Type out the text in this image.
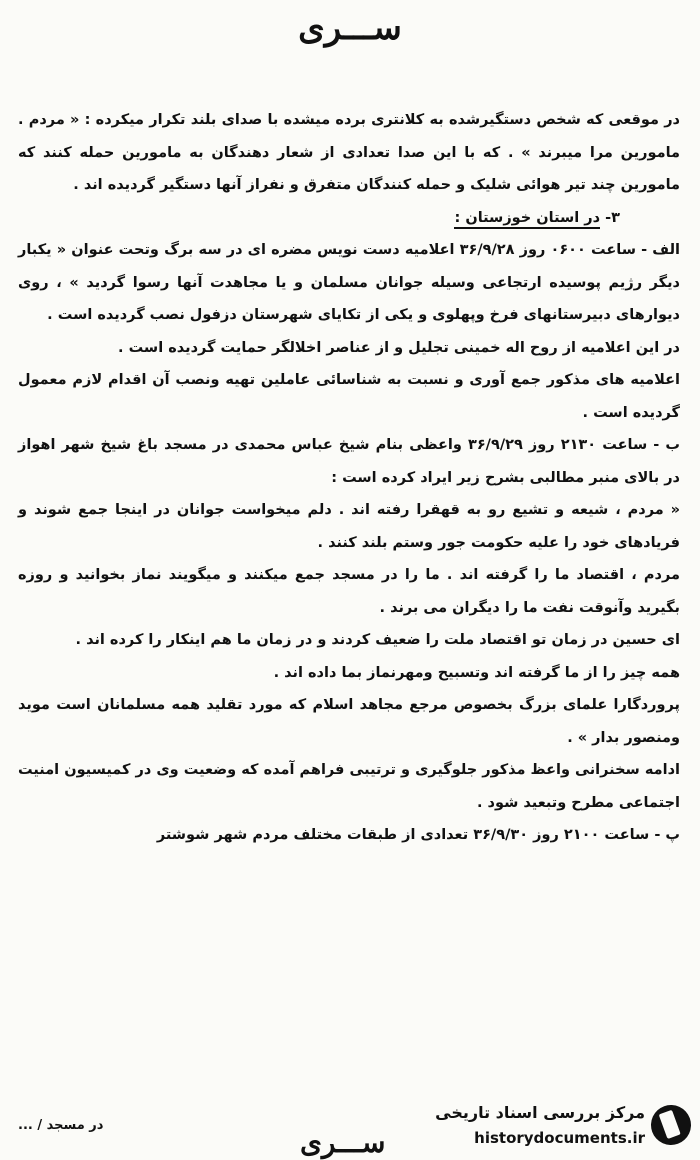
ســـرى

در موقعی که شخص دستگیرشده به کلانتری برده میشده با صدای بلند تکرار میکرده : « مردم . مامورین مرا میبرند » . که با این صدا تعدادی از شعار دهندگان به مامورین حمله کنند که مامورین چند تیر هوائی شلیک و حمله کنندگان متفرق و نفراز آنها دستگیر گردیده اند .

۳- در استان خوزستان :

الف - ساعت ۰۶۰۰ روز ۳۶/۹/۲۸ اعلامیه دست نویس مضره ای در سه برگ وتحت عنوان « یکبار دیگر رژیم پوسیده ارتجاعی وسیله جوانان مسلمان و یا مجاهدت آنها رسوا گردید » ، روی دیوارهای دبیرستانهای فرخ وپهلوی و یکی از تکایای شهرستان دزفول نصب گردیده است .

در این اعلامیه از روح اله خمینی تجلیل و از عناصر اخلالگر حمایت گردیده است .

اعلامیه های مذکور جمع آوری و نسبت به شناسائی عاملین تهیه ونصب آن اقدام لازم معمول گردیده است .

ب - ساعت ۲۱۳۰ روز ۳۶/۹/۲۹ واعظی بنام شیخ عباس محمدی در مسجد باغ شیخ شهر اهواز در بالای منبر مطالبی بشرح زیر ایراد کرده است :

« مردم ، شیعه و تشیع رو به قهقرا رفته اند . دلم میخواست جوانان در اینجا جمع شوند و فریادهای خود را علیه حکومت جور وستم بلند کنند .

مردم ، اقتصاد ما را گرفته اند . ما را در مسجد جمع میکنند و میگویند نماز بخوانید و روزه بگیرید وآنوقت نفت ما را دیگران می برند .

ای حسین در زمان تو اقتصاد ملت را ضعیف کردند و در زمان ما هم اینکار را کرده اند .

همه چیز را از ما گرفته اند وتسبیح ومهرنماز بما داده اند .

پروردگارا علمای بزرگ بخصوص مرجع مجاهد اسلام که مورد تقلید همه مسلمانان است موید ومنصور بدار » .

ادامه سخنرانی واعظ مذکور جلوگیری و ترتیبی فراهم آمده که وضعیت وی در کمیسیون امنیت اجتماعی مطرح وتبعید شود .

پ - ساعت ۲۱۰۰ روز ۳۶/۹/۳۰ تعدادی از طبقات مختلف مردم شهر شوشتر

در مسجد / ...
ســـرى
مرکز بررسی اسناد تاریخی
historydocuments.ir
